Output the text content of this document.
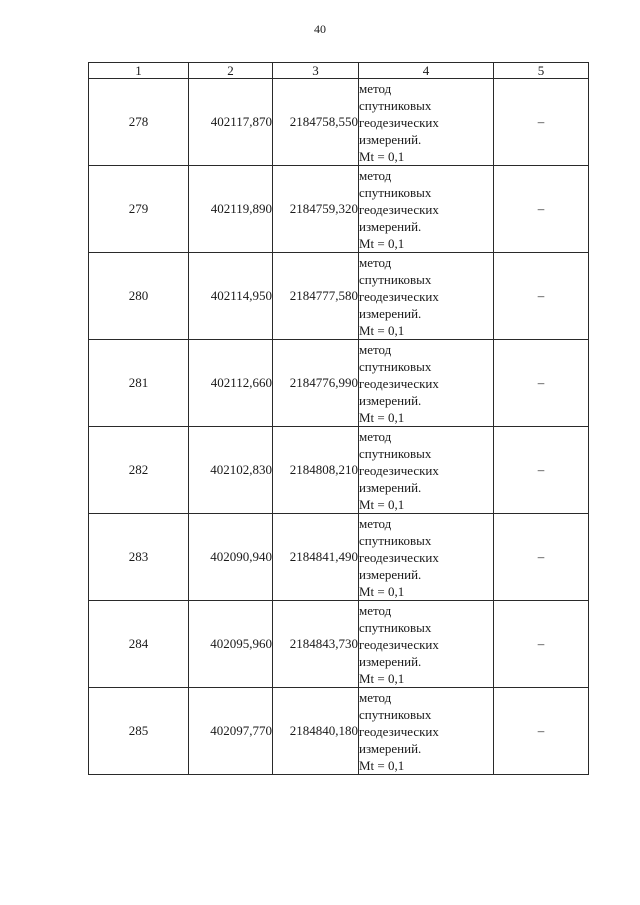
40
1	2	3	4	5
278	402117,870	2184758,550	метод
спутниковых
геодезических
измерений.
Mt = 0,1	–
279	402119,890	2184759,320	метод
спутниковых
геодезических
измерений.
Mt = 0,1	–
280	402114,950	2184777,580	метод
спутниковых
геодезических
измерений.
Mt = 0,1	–
281	402112,660	2184776,990	метод
спутниковых
геодезических
измерений.
Mt = 0,1	–
282	402102,830	2184808,210	метод
спутниковых
геодезических
измерений.
Mt = 0,1	–
283	402090,940	2184841,490	метод
спутниковых
геодезических
измерений.
Mt = 0,1	–
284	402095,960	2184843,730	метод
спутниковых
геодезических
измерений.
Mt = 0,1	–
285	402097,770	2184840,180	метод
спутниковых
геодезических
измерений.
Mt = 0,1	–
